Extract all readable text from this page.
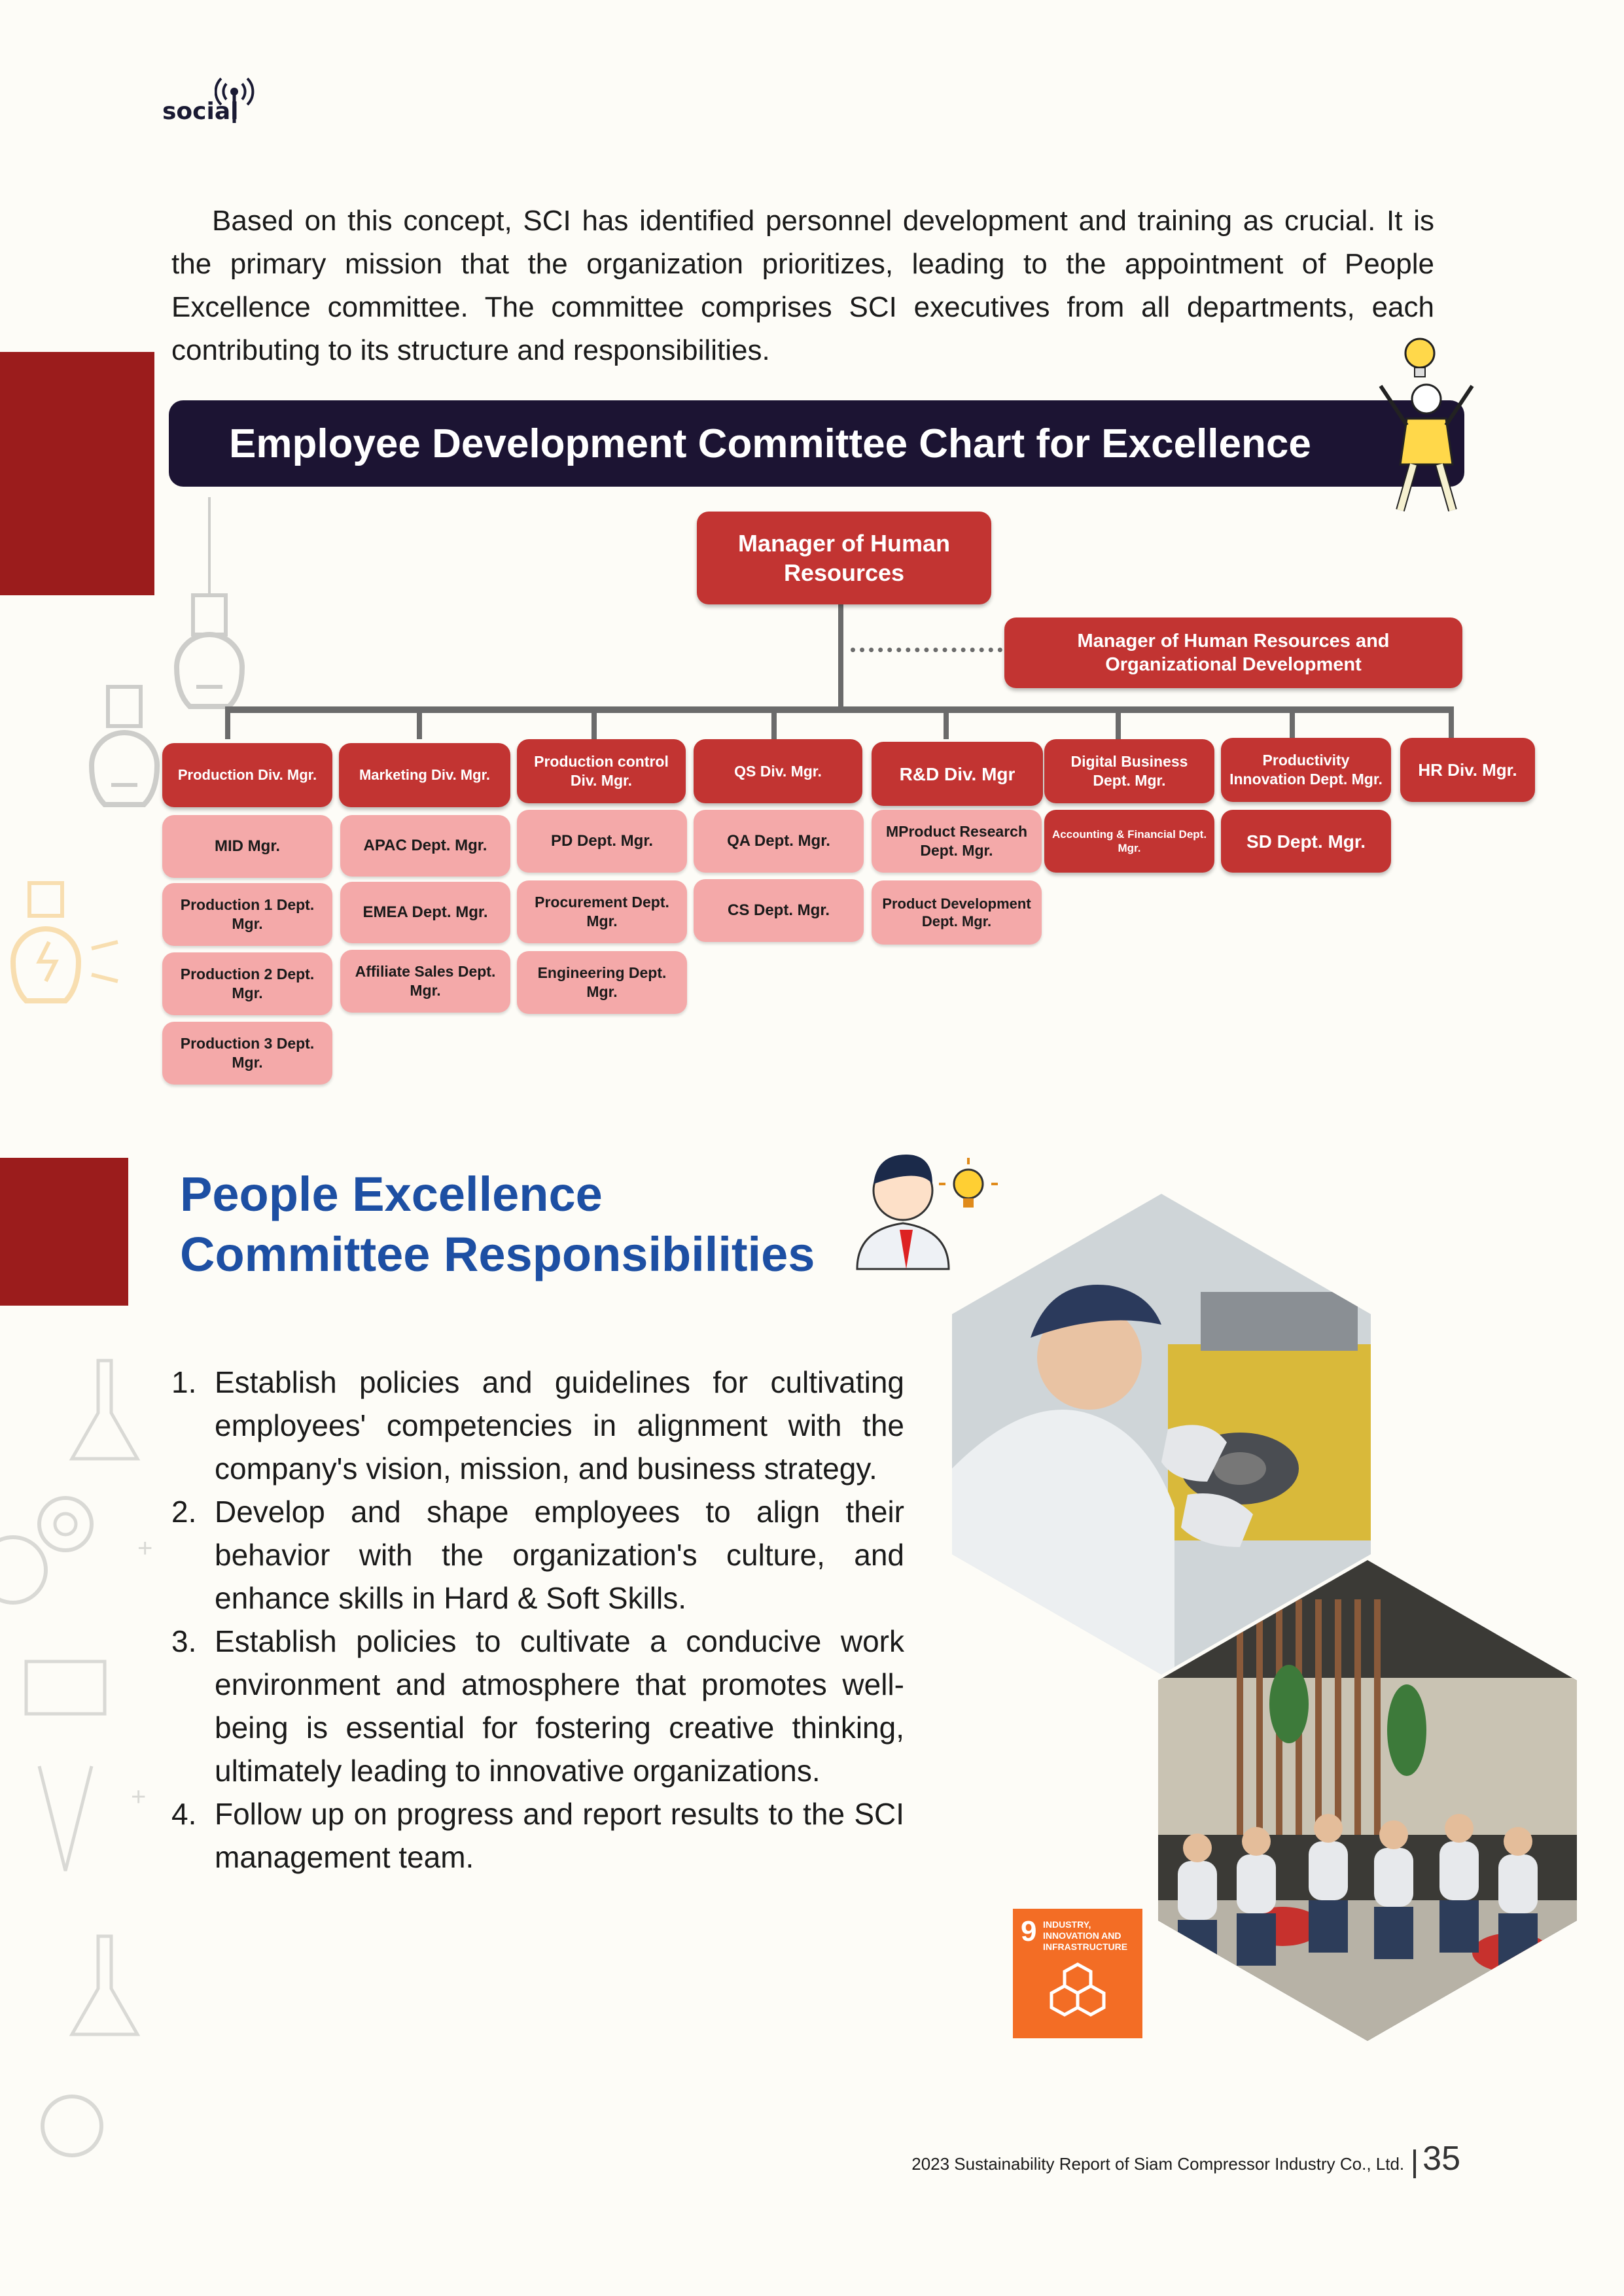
+
+
social

Based on this concept, SCI has identified personnel development and training as crucial. It is the primary mission that the organization prioritizes, leading to the appointment of People Excellence committee. The committee comprises SCI executives from all departments, each contributing to its structure and responsibilities.

Employee Development Committee Chart for Excellence
Manager of Human Resources
Manager of Human Resources and Organizational Development
Production Div. Mgr.	Marketing Div. Mgr.
Production control Div. Mgr.
QS Div. Mgr.	R&D Div. Mgr
Digital Business Dept. Mgr.
Productivity Innovation Dept. Mgr. HR Div. Mgr.
MID Mgr.
Production 1 Dept. Mgr.
Production 2 Dept. Mgr.
Production 3 Dept. Mgr.
APAC Dept. Mgr.
EMEA Dept. Mgr.
Affiliate Sales Dept. Mgr.
PD Dept. Mgr.
Procurement Dept. Mgr.
Engineering Dept. Mgr.
QA Dept. Mgr.
CS Dept. Mgr.
MProduct Research Dept. Mgr.
Product Development Dept. Mgr.
Accounting & Financial Dept. Mgr.	SD Dept. Mgr.
People Excellence
Committee Responsibilities
1. Establish policies and guidelines for cultivating employees' competencies in alignment with the company's vision, mission, and business strategy.
2. Develop and shape employees to align their behavior with the organization's culture, and enhance skills in Hard & Soft Skills.
3. Establish policies to cultivate a conducive work environment and atmosphere that promotes well-being is essential for fostering creative thinking, ultimately leading to innovative organizations.
4. Follow up on progress and report results to the SCI management team.
9 INDUSTRY, INNOVATION AND INFRASTRUCTURE
2023 Sustainability Report of Siam Compressor Industry Co., Ltd. 35
